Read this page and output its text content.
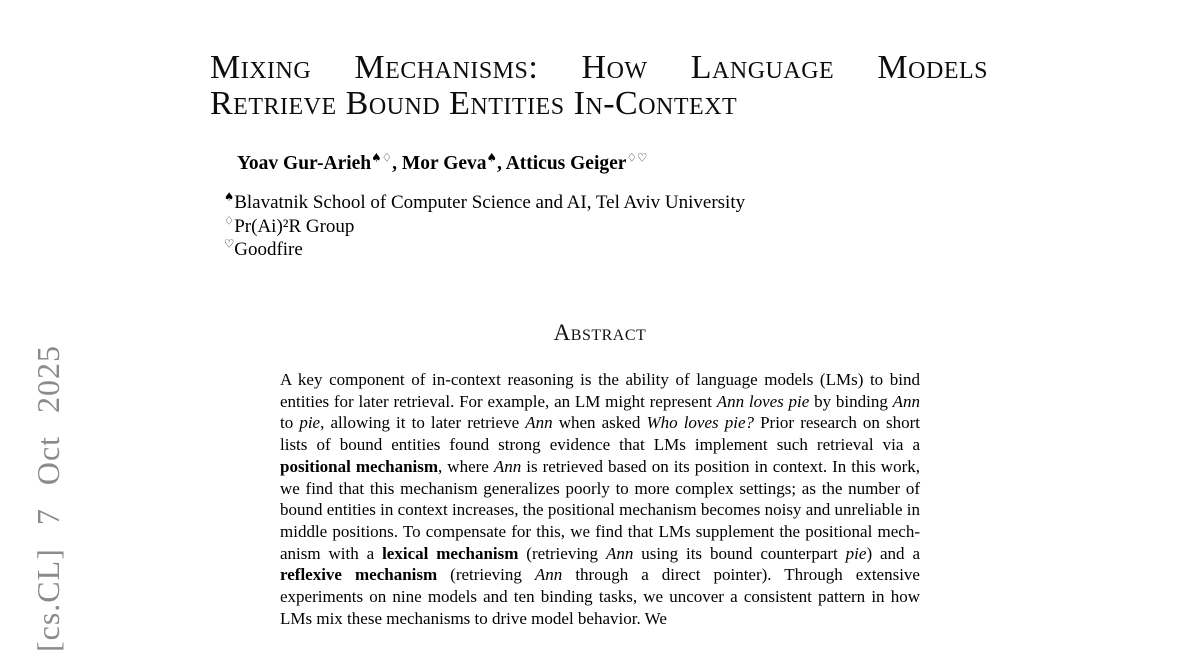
[cs.CL] 7 Oct 2025
Mixing Mechanisms: How Language Models
Retrieve Bound Entities In-Context
Yoav Gur-Arieh♠♢, Mor Geva♠, Atticus Geiger♢♡
♠Blavatnik School of Computer Science and AI, Tel Aviv University
♢Pr(Ai)²R Group
♡Goodfire
Abstract

A key component of in-context reasoning is the ability of language models (LMs) to bind entities for later retrieval. For example, an LM might represent Ann loves pie by binding Ann to pie, allowing it to later retrieve Ann when asked Who loves pie? Prior research on short lists of bound entities found strong evidence that LMs implement such retrieval via a positional mechanism, where Ann is retrieved based on its position in context. In this work, we find that this mechanism generalizes poorly to more complex settings; as the number of bound entities in context increases, the positional mechanism becomes noisy and unreliable in middle positions. To compensate for this, we find that LMs supplement the positional mechanism with a lexical mechanism (retrieving Ann using its bound counterpart pie) and a reflexive mechanism (retrieving Ann through a direct pointer). Through extensive experiments on nine models and ten binding tasks, we uncover a consistent pattern in how LMs mix these mechanisms to drive model behavior. We
